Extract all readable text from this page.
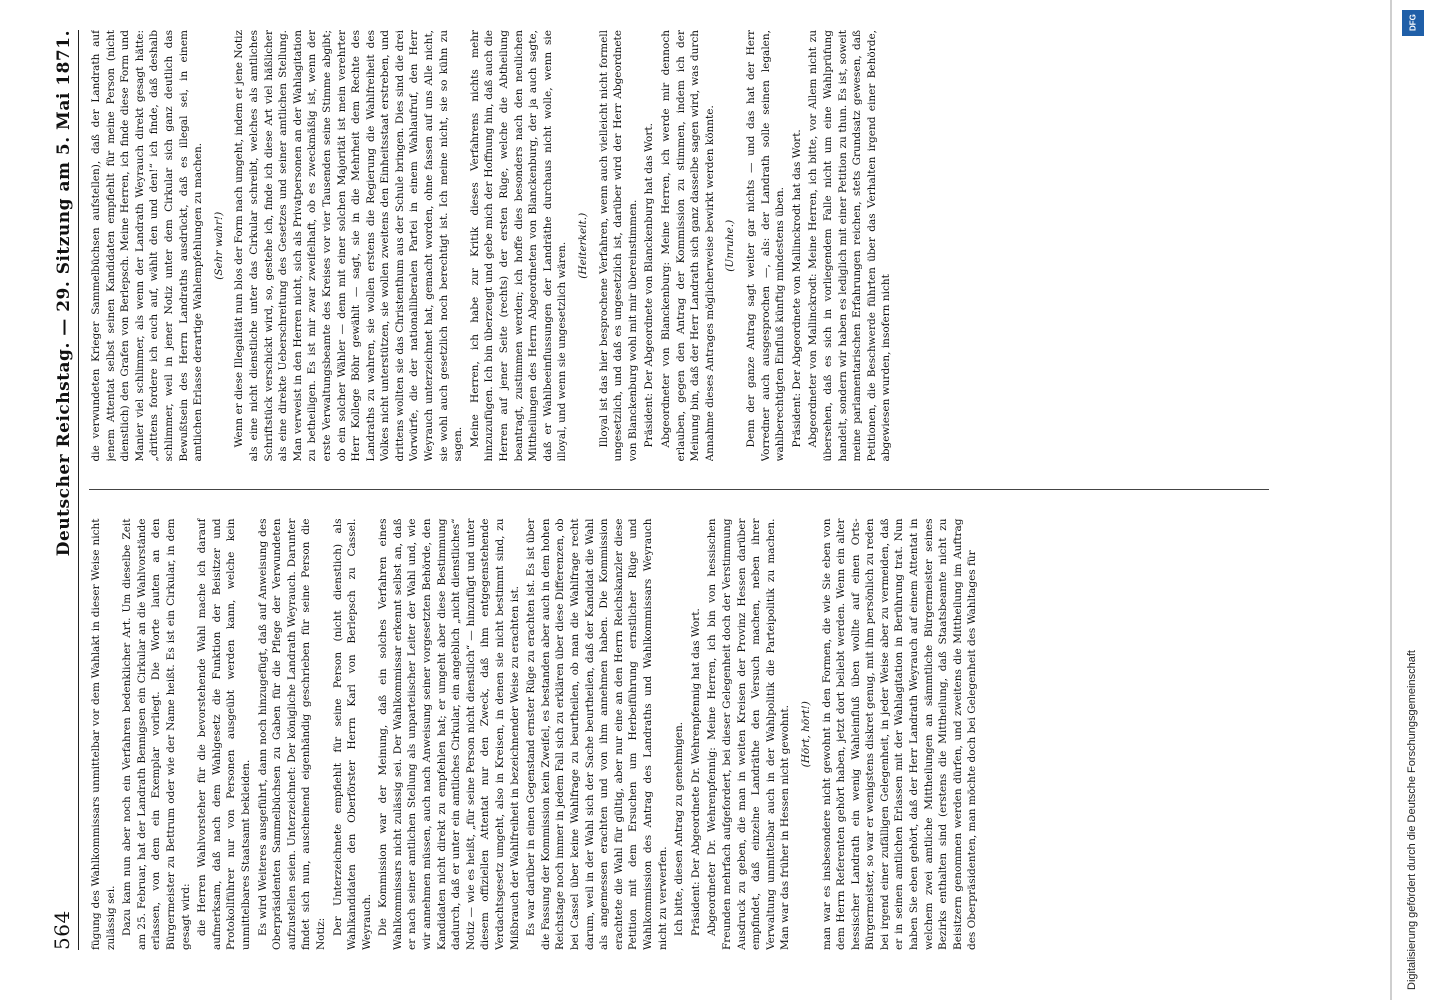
564
Deutscher Reichstag. — 29. Sitzung am 5. Mai 1871.

fügung des Wahlkommissars unmittelbar vor dem Wahlakt in dieser Weise nicht zulässig sei. Dazu kam nun aber noch ein Verfahren bedenklicher Art. Um dieselbe Zeit am 25. Februar, hat der Landrath Bennigsen ein Cirkular an die Wahlvorstände erlassen, von dem ein Exemplar vorliegt. Die Worte lauten an den Bürgermeister zu Bettrum oder wie der Name heißt. Es ist ein Cirkular, in dem gesagt wird: die Herren Wahlvorsteher für die bevorstehende Wahl mache ich darauf aufmerksam, daß nach dem Wahlgesetz die Funktion der Beisitzer und Protokollführer nur von Personen ausgeübt werden kann, welche kein unmittelbares Staatsamt bekleiden. Es wird Weiteres ausgeführt, dann noch hinzugefügt, daß auf Anweisung des Oberpräsidenten Sammelbüchsen zu Gaben für die Pflege der Verwundeten aufzustellen seien. Unterzeichnet: Der königliche Landrath Weyrauch. Darunter findet sich nun, auscheinend eigenhändig geschrieben für seine Person die Notiz: Der Unterzeichnete empfiehlt für seine Person (nicht dienstlich) als Wahlkandidaten den Oberförster Herrn Karl von Berlepsch zu Cassel. Weyrauch. Die Kommission war der Meinung, daß ein solches Verfahren eines Wahlkommissars nicht zulässig sei. Der Wahlkommissar erkennt selbst an, daß er nach seiner amtlichen Stellung als unparteiischer Leiter der Wahl und, wie wir annehmen müssen, auch nach Anweisung seiner vorgesetzten Behörde, den Kandidaten nicht direkt zu empfehlen hat; er umgeht aber diese Bestimmung dadurch, daß er unter ein amtliches Cirkular, ein angeblich „nicht dienstliches“ Notiz — wie es heißt, „für seine Person nicht dienstlich“ — hinzufügt und unter diesem offiziellen Attentat nur den Zweck, daß ihm entgegenstehende Verdachtsgesetz umgeht, also in Kreisen, in denen sie nicht bestimmt sind, zu Mißbrauch der Wahlfreiheit in bezeichnender Weise zu erachten ist. Es war darüber in einen Gegenstand ernster Rüge zu erachten ist. Es ist über die Fassung der Kommission kein Zweifel, es bestanden aber auch in dem hohen Reichstage noch immer in jedem Fall sich zu erklären über diese Differenzen, ob bei Cassel über keine Wahlfrage zu beurtheilen, ob man die Wahlfrage recht darum, weil in der Wahl sich der Sache beurtheilen, daß der Kandidat die Wahl als angemessen erachten und von ihm annehmen haben. Die Kommission erachtete die Wahl für gültig, aber nur eine an den Herrn Reichskanzler diese Petition mit dem Ersuchen um Herbeiführung ernstlicher Rüge und Wahlkommission des Antrag des Landraths und Wahlkommissars Weyrauch nicht zu verwerfen. Ich bitte, diesen Antrag zu genehmigen. Präsident: Der Abgeordnete Dr. Wehrenpfennig hat das Wort. Abgeordneter Dr. Wehrenpfennig: Meine Herren, ich bin von hessischen Freunden mehrfach aufgefordert, bei dieser Gelegenheit doch der Verstimmung Ausdruck zu geben, die man in weiten Kreisen der Provinz Hessen darüber empfindet, daß einzelne Landräthe den Versuch machen, neben ihrer Verwaltung unmittelbar auch in der Wahlpolitik die Parteipolitik zu machen. Man war das früher in Hessen nicht gewohnt. (Hört, hört!) man war es insbesondere nicht gewohnt in den Formen, die wie Sie eben von dem Herrn Referenten gehört haben, jetzt dort beliebt werden. Wenn ein alter hessischer Landrath ein wenig Wahleinfluß üben wollte auf einen Orts-Bürgermeister, so war er wenigstens diskret genug, mit ihm persönlich zu reden bei irgend einer zufälligen Gelegenheit, in jeder Weise aber zu vermeiden, daß er in seinen amtlichen Erlassen mit der Wahlagitation in Berührung trat. Nun haben Sie eben gehört, daß der Herr Landrath Weyrauch auf einem Attentat in welchem zwei amtliche Mittheilungen an sämmtliche Bürgermeister seines Bezirks enthalten sind (erstens die Mittheilung, daß Staatsbeamte nicht zu Beisitzern genommen werden dürfen, und zweitens die Mittheilung im Auftrag des Oberpräsidenten, man möchte doch bei Gelegenheit des Wahltages für

die verwundeten Krieger Sammelbüchsen aufstellen), daß der Landrath auf jenem Attentat selbst seinen Kandidaten empfiehlt für meine Person (nicht dienstlich) den Grafen von Berlepsch. Meine Herren, ich finde diese Form und Manier viel schlimmer, als wenn der Landrath Weyrauch direkt gesagt hätte: „drittens fordere ich euch auf, wählt den und den!“ ich finde, daß deshalb schlimmer, weil in jener Notiz unter dem Cirkular sich ganz deutlich das Bewußtsein des Herrn Landraths ausdrückt, daß es illegal sei, in einem amtlichen Erlasse derartige Wahlempfehlungen zu machen. (Sehr wahr!) Wenn er diese Illegalität nun blos der Form nach umgeht, indem er jene Notiz als eine nicht dienstliche unter das Cirkular schreibt, welches als amtliches Schriftstück verschickt wird, so, gestehe ich, finde ich diese Art viel häßlicher als eine direkte Ueberschreitung des Gesetzes und seiner amtlichen Stellung. Man verweist in den Herren nicht, sich als Privatpersonen an der Wahlagitation zu betheiligen. Es ist mir zwar zweifelhaft, ob es zweckmäßig ist, wenn der erste Verwaltungsbeamte des Kreises vor vier Tausenden seine Stimme abgibt; ob ein solcher Wähler — denn mit einer solchen Majorität ist mein verehrter Herr Kollege Böhr gewählt — sagt, sie in die Mehrheit dem Rechte des Landraths zu wahren, sie wollen erstens die Regierung die Wahlfreiheit des Volkes nicht unterstützen, sie wollen zweitens den Einheitsstaat erstreben, und drittens wollten sie das Christenthum aus der Schule bringen. Dies sind die drei Vorwürfe, die der nationalliberalen Partei in einem Wahlaufruf, den Herr Weyrauch unterzeichnet hat, gemacht worden, ohne fassen auf uns Alle nicht, sie wohl auch gesetzlich noch berechtigt ist. Ich meine nicht, sie so kühn zu sagen. Meine Herren, ich habe zur Kritik dieses Verfahrens nichts mehr hinzuzufügen. Ich bin überzeugt und gebe mich der Hoffnung hin, daß auch die Herren auf jener Seite (rechts) der ersten Rüge, welche die Abtheilung beantragt, zustimmen werden; ich hoffe dies besonders nach den neulichen Mittheilungen des Herrn Abgeordneten von Blanckenburg, der ja auch sagte, daß er Wahlbeeinflussungen der Landräthe durchaus nicht wolle, wenn sie illoyal, und wenn sie ungesetzlich wären. (Heiterkeit.) Illoyal ist das hier besprochene Verfahren, wenn auch vielleicht nicht formell ungesetzlich, und daß es ungesetzlich ist, darüber wird der Herr Abgeordnete von Blanckenburg wohl mit mir übereinstimmen. Präsident: Der Abgeordnete von Blanckenburg hat das Wort. Abgeordneter von Blanckenburg: Meine Herren, ich werde mir dennoch erlauben, gegen den Antrag der Kommission zu stimmen, indem ich der Meinung bin, daß der Herr Landrath sich ganz dasselbe sagen wird, was durch Annahme dieses Antrages möglicherweise bewirkt werden könnte. (Unruhe.) Denn der ganze Antrag sagt weiter gar nichts — und das hat der Herr Vorredner auch ausgesprochen —, als: der Landrath solle seinen legalen, wahlberechtigten Einfluß künftig mindestens üben. Präsident: Der Abgeordnete von Mallinckrodt hat das Wort. Abgeordneter von Mallinckrodt: Meine Herren, ich bitte, vor Allem nicht zu übersehen, daß es sich in vorliegendem Falle nicht um eine Wahlprüfung handelt, sondern wir haben es lediglich mit einer Petition zu thun. Es ist, soweit meine parlamentarischen Erfahrungen reichen, stets Grundsatz gewesen, daß Petitionen, die Beschwerde führten über das Verhalten irgend einer Behörde, abgewiesen wurden, insofern nicht

DFG
Digitalisierung gefördert durch die Deutsche Forschungsgemeinschaft
